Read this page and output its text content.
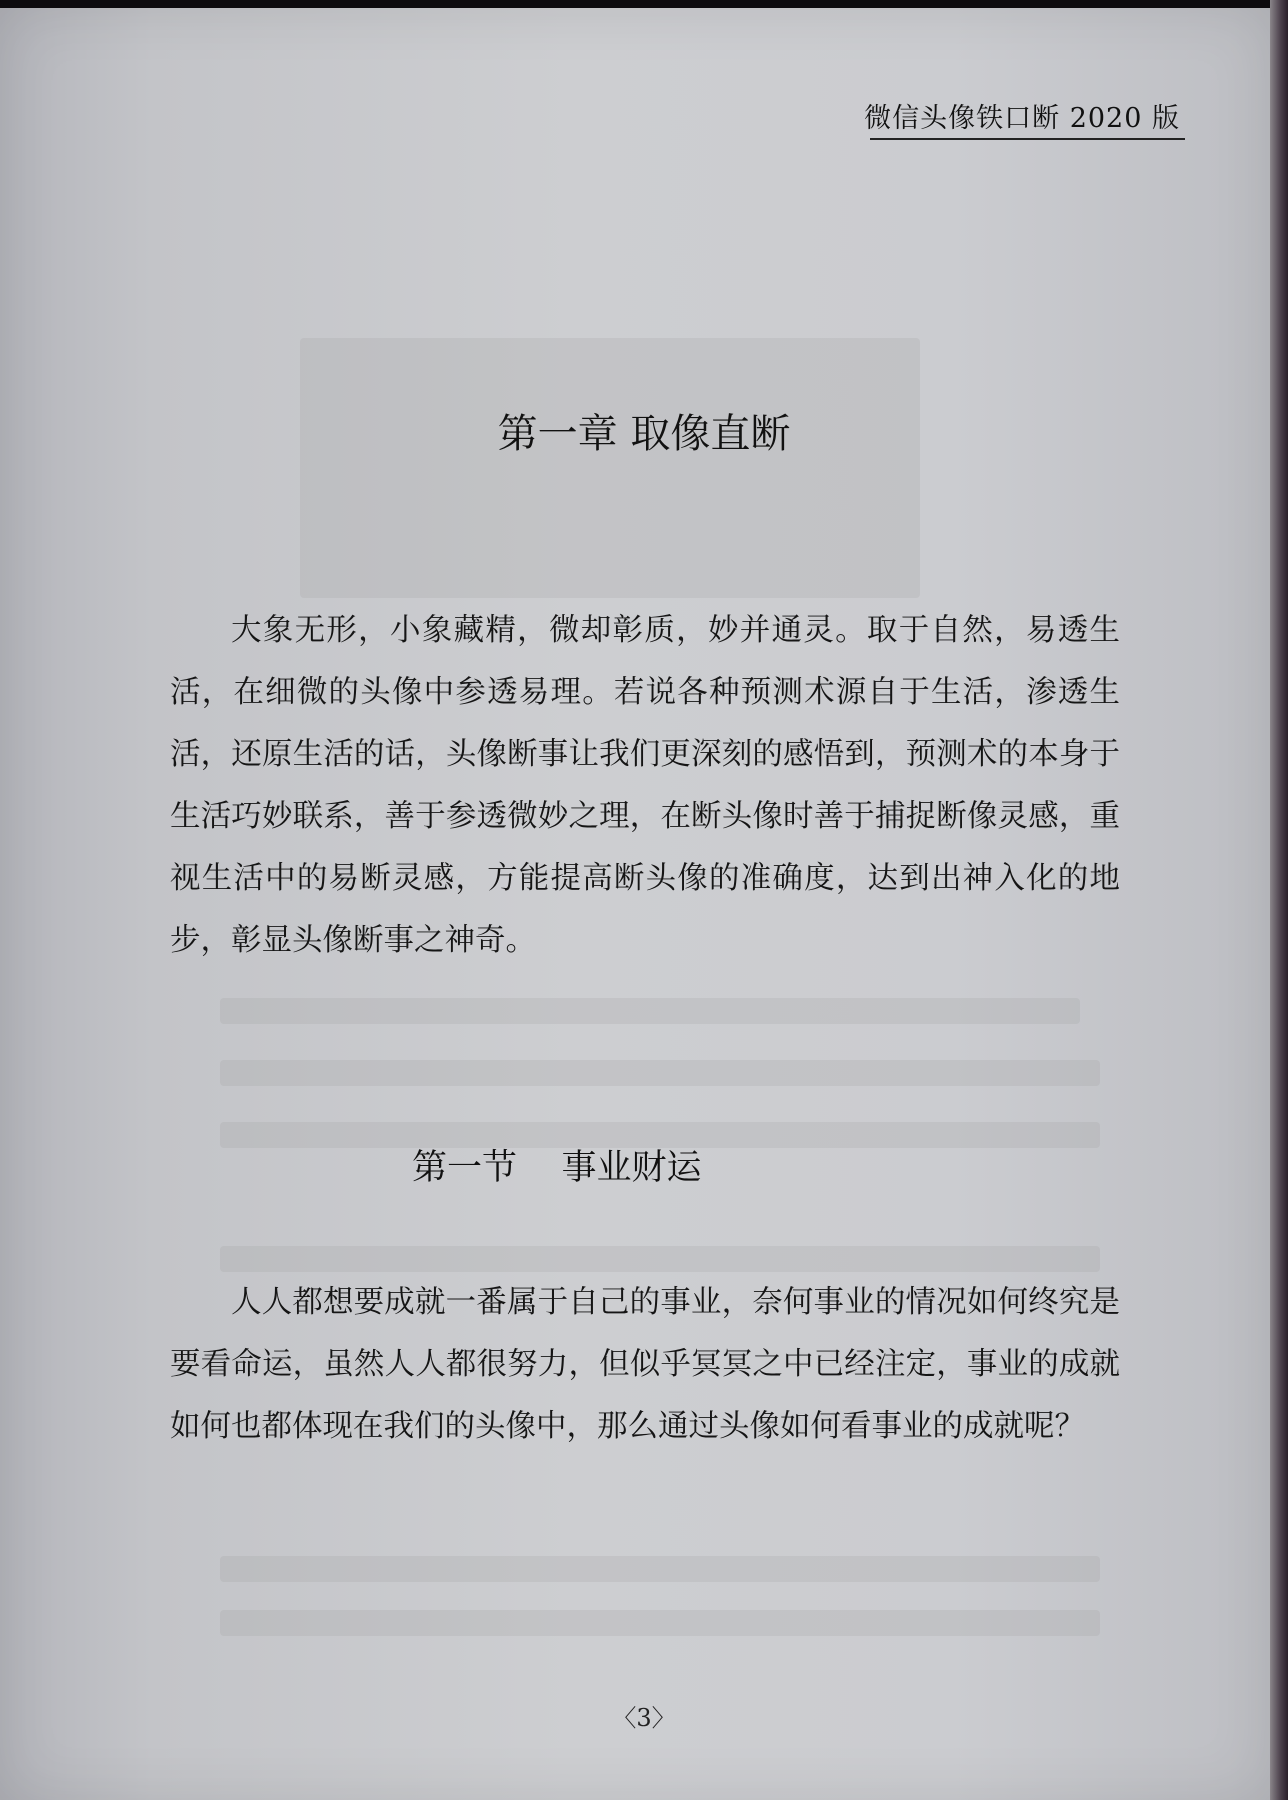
微信头像铁口断 2020 版
第一章 取像直断

大象无形，小象藏精，微却彰质，妙并通灵。取于自然，易透生活，在细微的头像中参透易理。若说各种预测术源自于生活，渗透生活，还原生活的话，头像断事让我们更深刻的感悟到，预测术的本身于生活巧妙联系，善于参透微妙之理，在断头像时善于捕捉断像灵感，重视生活中的易断灵感，方能提高断头像的准确度，达到出神入化的地步，彰显头像断事之神奇。

第一节    事业财运

人人都想要成就一番属于自己的事业，奈何事业的情况如何终究是要看命运，虽然人人都很努力，但似乎冥冥之中已经注定，事业的成就如何也都体现在我们的头像中，那么通过头像如何看事业的成就呢？

〈3〉
